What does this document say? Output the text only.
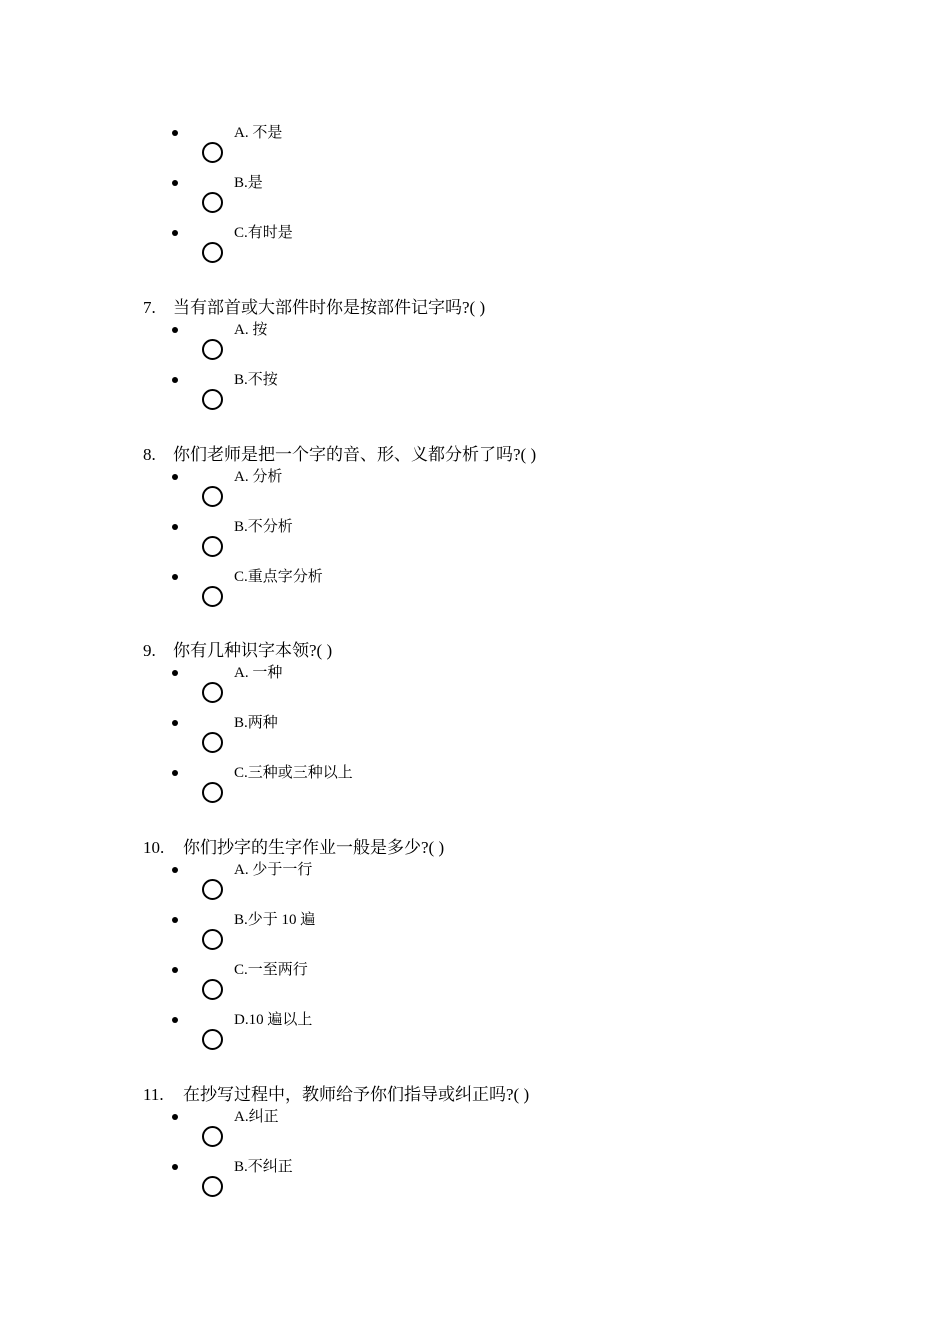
A. 不是
B.是
C.有时是
7. 当有部首或大部件时你是按部件记字吗?( )
A. 按
B.不按
8. 你们老师是把一个字的音、形、义都分析了吗?( )
A. 分析
B.不分析
C.重点字分析
9. 你有几种识字本领?( )
A. 一种
B.两种
C.三种或三种以上
10. 你们抄字的生字作业一般是多少?( )
A. 少于一行
B.少于 10 遍
C.一至两行
D.10 遍以上
11. 在抄写过程中，教师给予你们指导或纠正吗?( )
A.纠正
B.不纠正
